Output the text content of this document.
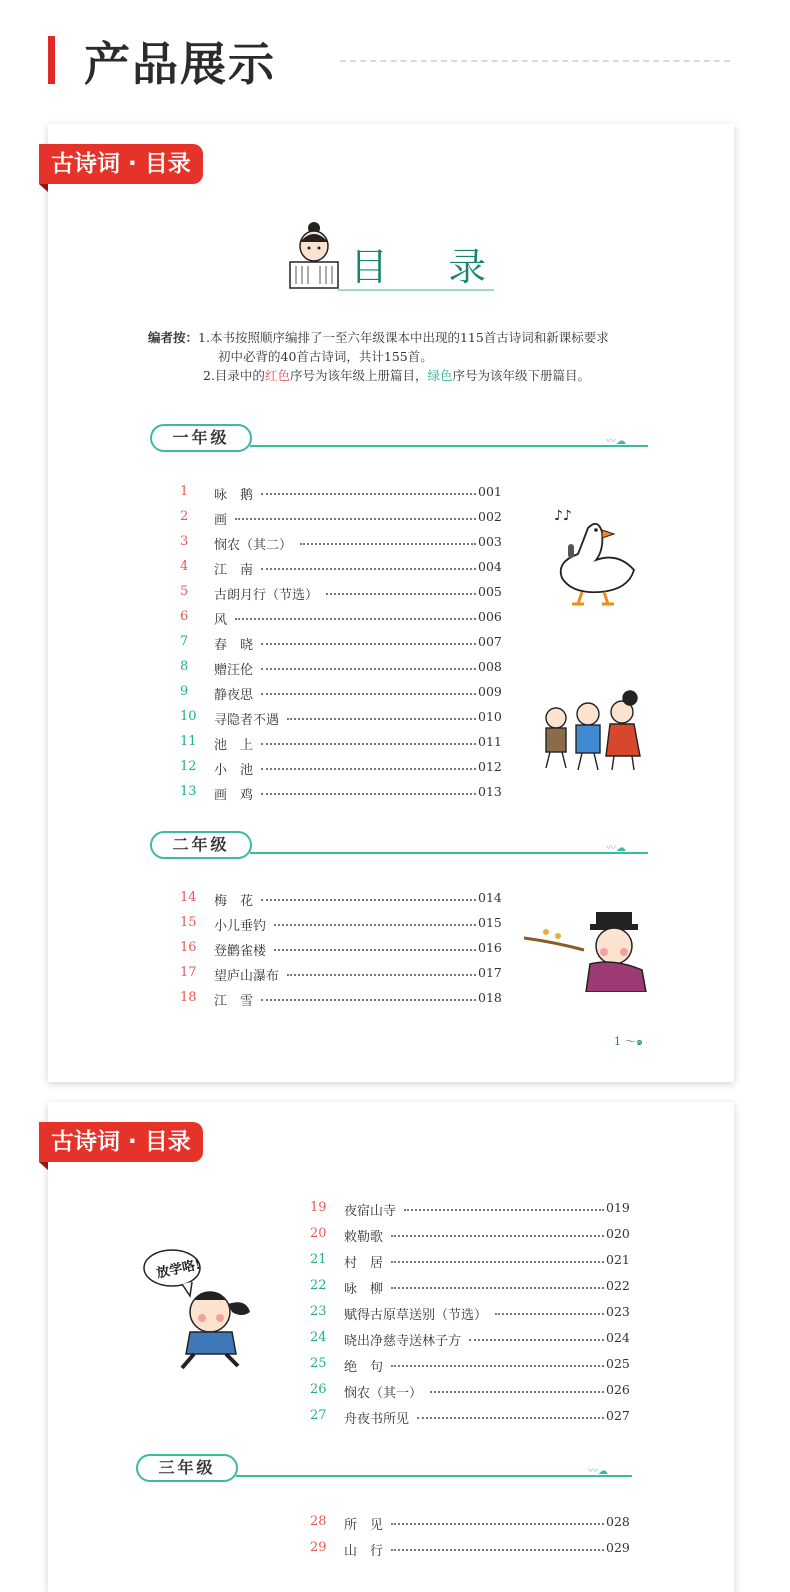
产品展示
古诗词 · 目录
目 录
编者按：1.本书按照顺序编排了一至六年级课本中出现的115首古诗词和新课标要求
初中必背的40首古诗词，共计155首。
2.目录中的红色序号为该年级上册篇目，绿色序号为该年级下册篇目。
一年级	〰︎☁
1	咏　鹅	001
2	画	002
3	悯农（其二）	003
4	江　南	004
5	古朗月行（节选）	005
6	风	006
7	春　晓	007
8	赠汪伦	008
9	静夜思	009
10	寻隐者不遇	010
11	池　上	011
12	小　池	012
13	画　鸡	013
14	梅　花	014
15	小儿垂钓	015
16	登鹳雀楼	016
17	望庐山瀑布	017
18	江　雪	018
二年级	〰︎☁
♪♪
1 〜๑
古诗词 · 目录
放学咯!
19	夜宿山寺	019
20	敕勒歌	020
21	村　居	021
22	咏　柳	022
23	赋得古原草送别（节选）	023
24	晓出净慈寺送林子方	024
25	绝　句	025
26	悯农（其一）	026
27	舟夜书所见	027
28	所　见	028
29	山　行	029
三年级	〰︎☁
